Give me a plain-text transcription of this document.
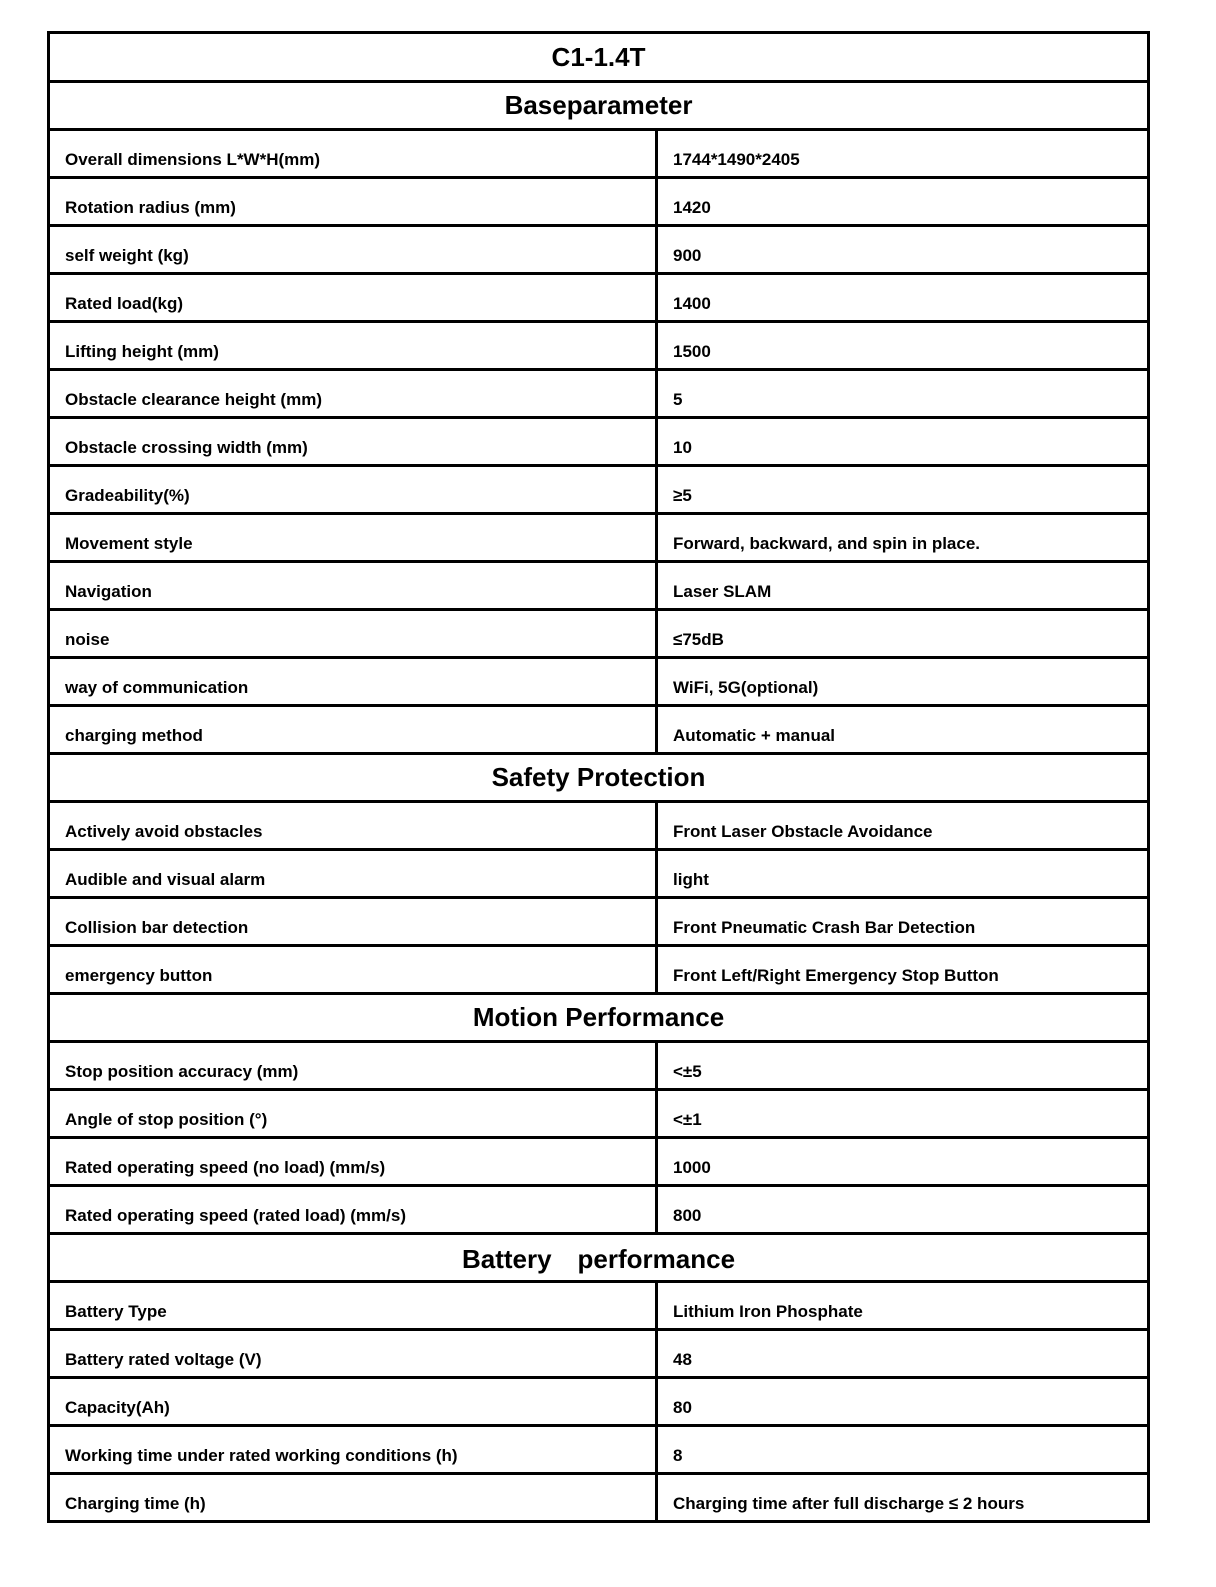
C1-1.4T	
Baseparameter	
Overall dimensions L*W*H(mm)	1744*1490*2405
Rotation radius (mm)	1420
self weight (kg)	900
Rated load(kg)	1400
Lifting height (mm)	1500
Obstacle clearance height (mm)	5
Obstacle crossing width (mm)	10
Gradeability(%)	≥5
Movement style	Forward, backward, and spin in place.
Navigation	Laser SLAM
noise	≤75dB
way of communication	WiFi, 5G(optional)
charging method	Automatic + manual
Safety Protection	
Actively avoid obstacles	Front Laser Obstacle Avoidance
Audible and visual alarm	light
Collision bar detection	Front Pneumatic Crash Bar Detection
emergency button	Front Left/Right Emergency Stop Button
Motion Performance	
Stop position accuracy (mm)	<±5
Angle of stop position (°)	<±1
Rated operating speed (no load) (mm/s)	1000
Rated operating speed (rated load) (mm/s)	800
Battery　performance	
Battery Type	Lithium Iron Phosphate
Battery rated voltage (V)	48
Capacity(Ah)	80
Working time under rated working conditions (h)	8
Charging time (h)	Charging time after full discharge ≤ 2 hours
